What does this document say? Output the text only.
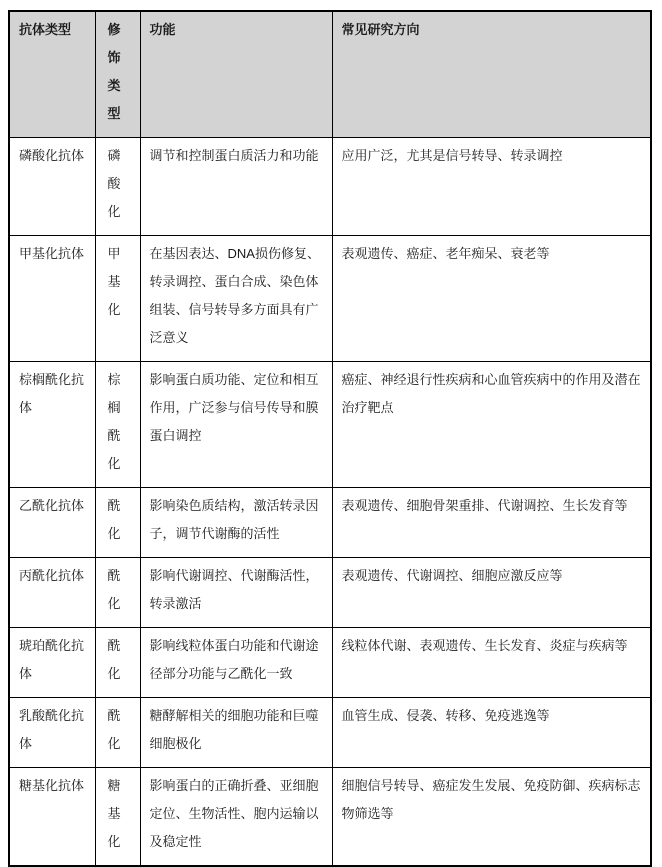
抗体类型	修饰类型	功能	常见研究方向
磷酸化抗体	磷酸化	调节和控制蛋白质活力和功能	应用广泛，尤其是信号转导、转录调控
甲基化抗体	甲基化	在基因表达、DNA损伤修复、转录调控、蛋白合成、染色体组装、信号转导多方面具有广泛意义	表观遗传、癌症、老年痴呆、衰老等
棕榈酰化抗体	棕榈酰化	影响蛋白质功能、定位和相互作用，广泛参与信号传导和膜蛋白调控	癌症、神经退行性疾病和心血管疾病中的作用及潜在治疗靶点
乙酰化抗体	酰化	影响染色质结构，激活转录因子，调节代谢酶的活性	表观遗传、细胞骨架重排、代谢调控、生长发育等
丙酰化抗体	酰化	影响代谢调控、代谢酶活性，转录激活	表观遗传、代谢调控、细胞应激反应等
琥珀酰化抗体	酰化	影响线粒体蛋白功能和代谢途径部分功能与乙酰化一致	线粒体代谢、表观遗传、生长发育、炎症与疾病等
乳酸酰化抗体	酰化	糖酵解相关的细胞功能和巨噬细胞极化	血管生成、侵袭、转移、免疫逃逸等
糖基化抗体	糖基化	影响蛋白的正确折叠、亚细胞定位、生物活性、胞内运输以及稳定性	细胞信号转导、癌症发生发展、免疫防御、疾病标志物筛选等
